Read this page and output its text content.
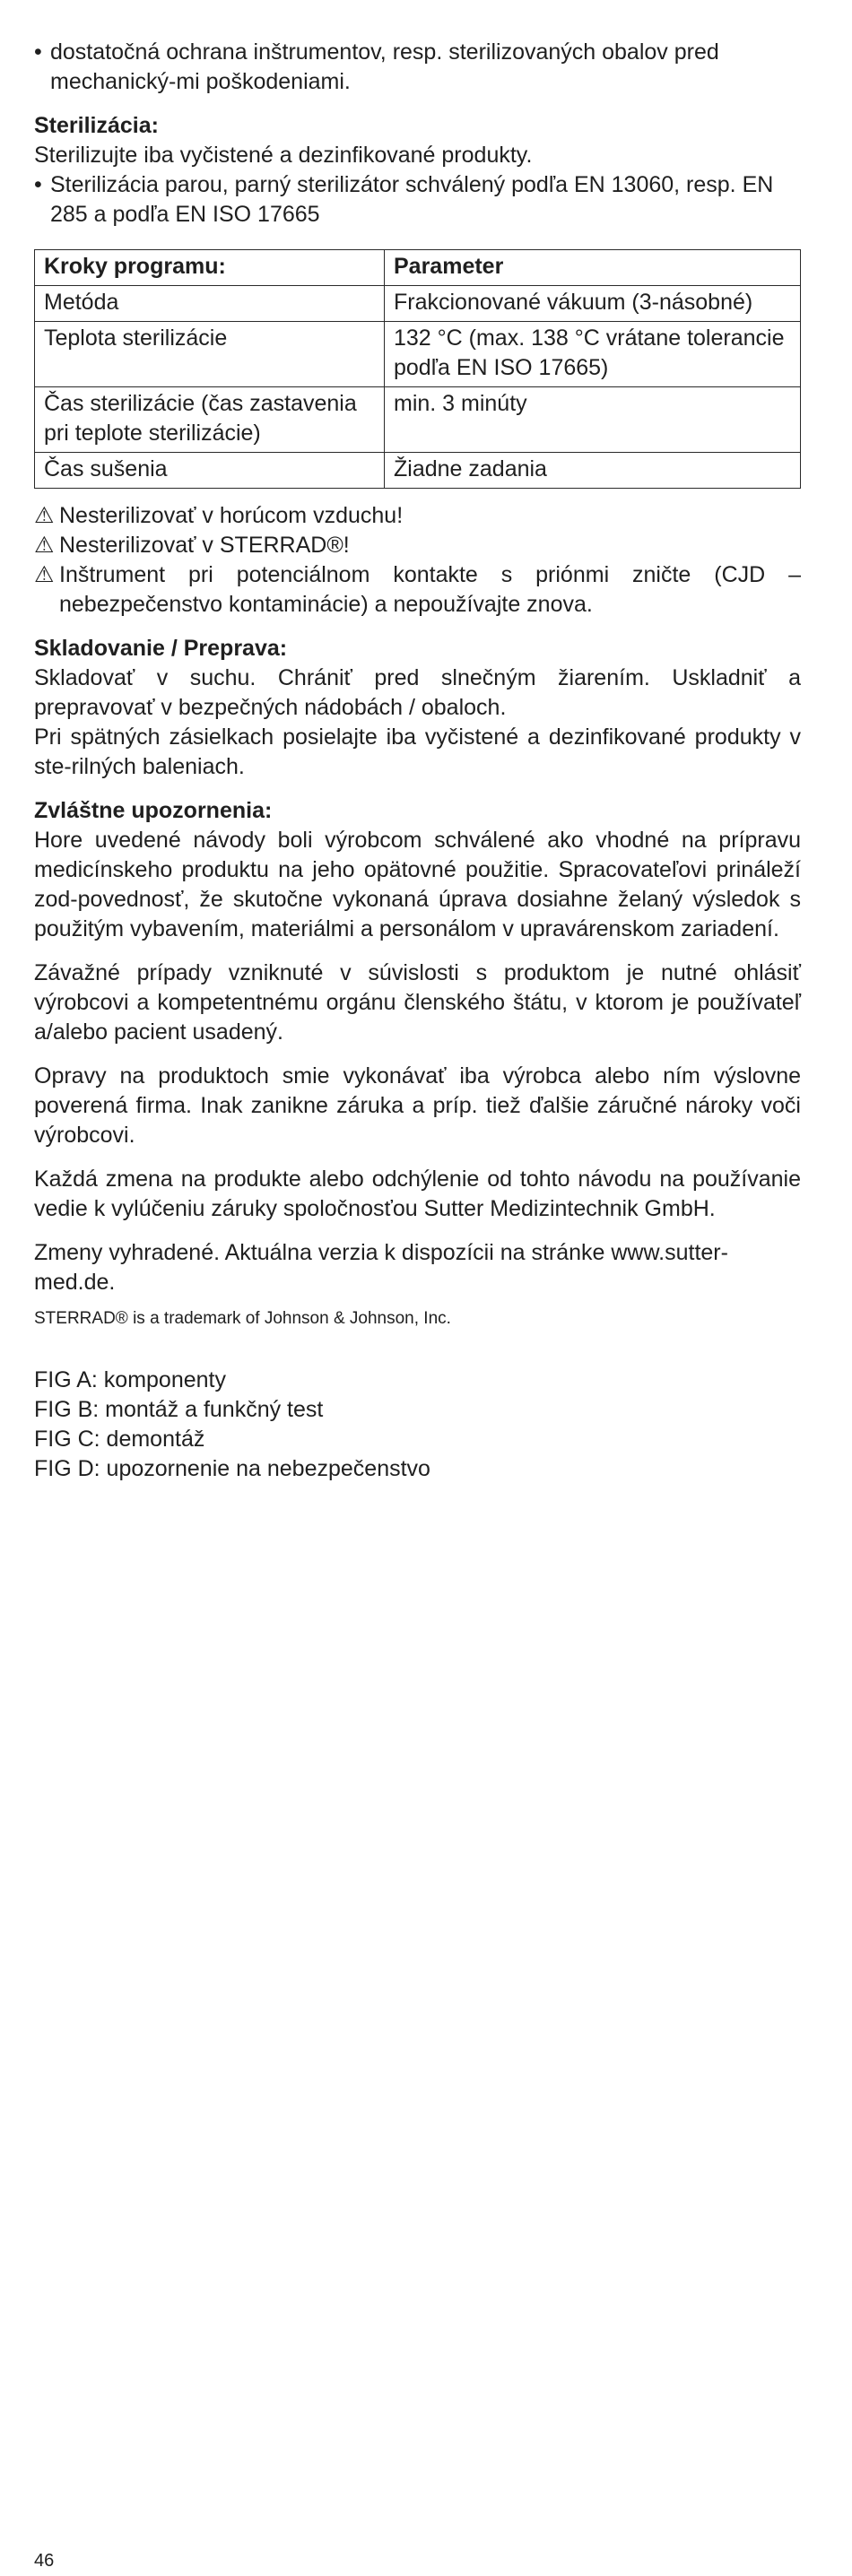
• dostatočná ochrana inštrumentov, resp. sterilizovaných obalov pred mechanický-mi poškodeniami.

Sterilizácia:

Sterilizujte iba vyčistené a dezinfikované produkty.

• Sterilizácia parou, parný sterilizátor schválený podľa EN 13060, resp. EN 285 a podľa EN ISO 17665

Kroky programu:	Parameter
Metóda	Frakcionované vákuum (3-násobné)
Teplota sterilizácie	132 °C (max. 138 °C vrátane tolerancie podľa EN ISO 17665)
Čas sterilizácie (čas zastavenia pri teplote sterilizácie)	min. 3 minúty
Čas sušenia	Žiadne zadania

⚠ Nesterilizovať v horúcom vzduchu!

⚠ Nesterilizovať v STERRAD®!

⚠ Inštrument pri potenciálnom kontakte s priónmi zničte (CJD – nebezpečenstvo kontaminácie) a nepoužívajte znova.

Skladovanie / Preprava:

Skladovať v suchu. Chrániť pred slnečným žiarením. Uskladniť a prepravovať v bezpečných nádobách / obaloch.

Pri spätných zásielkach posielajte iba vyčistené a dezinfikované produkty v ste-rilných baleniach.

Zvláštne upozornenia:

Hore uvedené návody boli výrobcom schválené ako vhodné na prípravu medicínskeho produktu na jeho opätovné použitie. Spracovateľovi prináleží zod-povednosť, že skutočne vykonaná úprava dosiahne želaný výsledok s použitým vybavením, materiálmi a personálom v upravárenskom zariadení.

Závažné prípady vzniknuté v súvislosti s produktom je nutné ohlásiť výrobcovi a kompetentnému orgánu členského štátu, v ktorom je používateľ a/alebo pacient usadený.

Opravy na produktoch smie vykonávať iba výrobca alebo ním výslovne poverená firma. Inak zanikne záruka a príp. tiež ďalšie záručné nároky voči výrobcovi.

Každá zmena na produkte alebo odchýlenie od tohto návodu na používanie vedie k vylúčeniu záruky spoločnosťou Sutter Medizintechnik GmbH.

Zmeny vyhradené. Aktuálna verzia k dispozícii na stránke www.sutter-med.de.

STERRAD® is a trademark of Johnson & Johnson, Inc.

FIG A: komponenty

FIG B: montáž a funkčný test

FIG C: demontáž

FIG D: upozornenie na nebezpečenstvo

46
